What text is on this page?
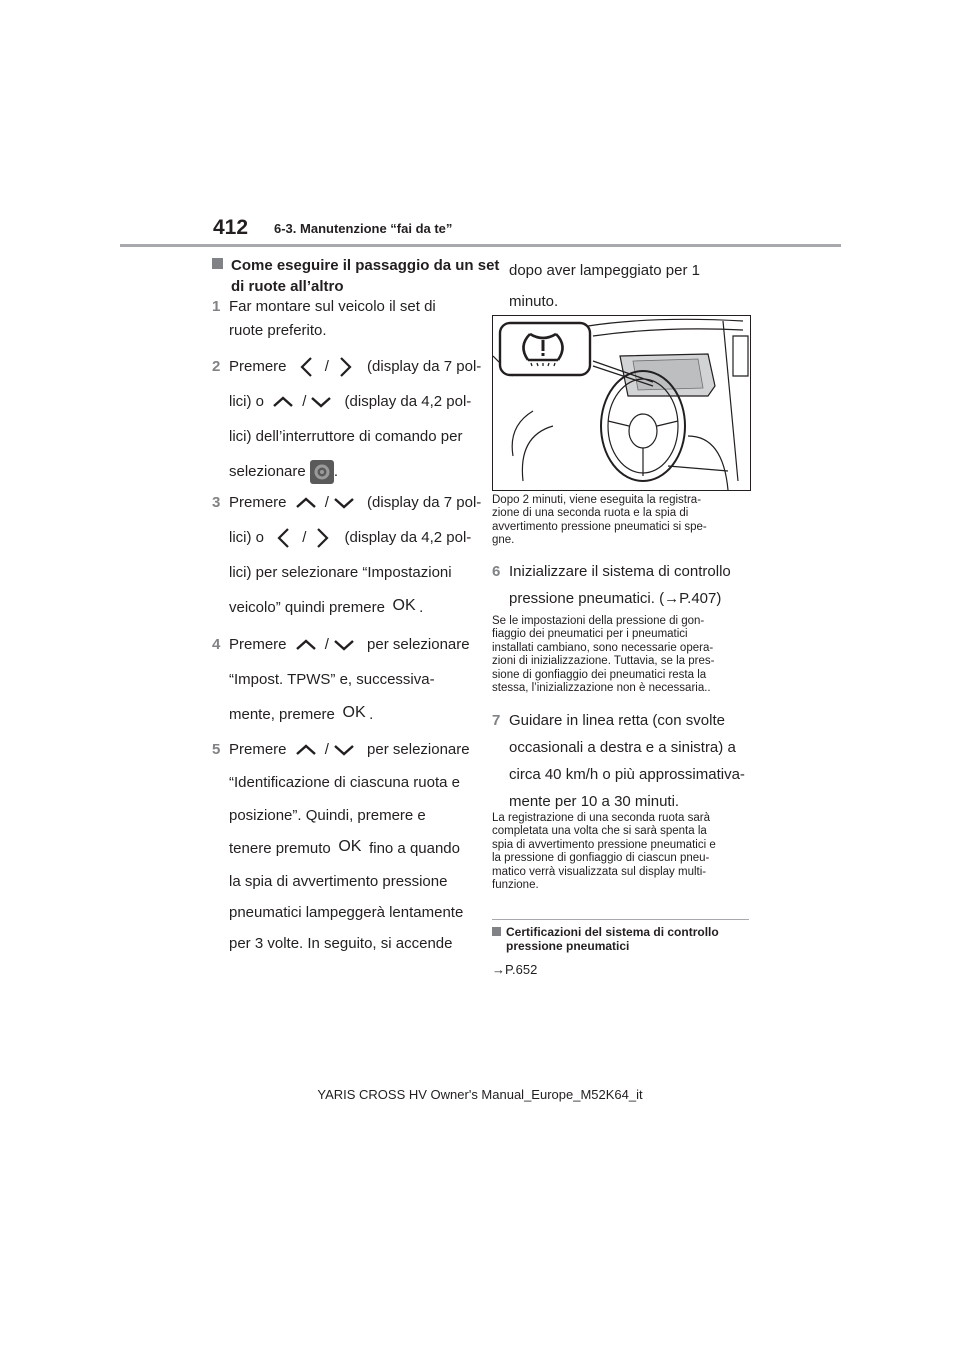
412 6-3. Manutenzione “fai da te”
Come eseguire il passaggio da un set di ruote all’altro
1 Far montare sul veicolo il set di
ruote preferito.
2 Premere	/	(display da 7 pol-
lici) o	/	(display da 4,2 pol-
lici) dell’interruttore di comando per
selezionare .
3 Premere	/	(display da 7 pol-
lici) o	/	(display da 4,2 pol-
lici) per selezionare “Impostazioni
veicolo” quindi premere OK .
4 Premere	/	per selezionare
“Impost. TPWS” e, successiva-
mente, premere OK .
5 Premere	/	per selezionare
“Identificazione di ciascuna ruota e
posizione”. Quindi, premere e
tenere premuto OK fino a quando
la spia di avvertimento pressione
pneumatici lampeggerà lentamente
per 3 volte. In seguito, si accende
dopo aver lampeggiato per 1
minuto.
Dopo 2 minuti, viene eseguita la registra-
zione di una seconda ruota e la spia di
avvertimento pressione pneumatici si spe-
gne.
6 Inizializzare il sistema di controllo
pressione pneumatici. (→P.407)
Se le impostazioni della pressione di gon-
fiaggio dei pneumatici per i pneumatici
installati cambiano, sono necessarie opera-
zioni di inizializzazione. Tuttavia, se la pres-
sione di gonfiaggio dei pneumatici resta la
stessa, l’inizializzazione non è necessaria..
7 Guidare in linea retta (con svolte
occasionali a destra e a sinistra) a
circa 40 km/h o più approssimativa-
mente per 10 a 30 minuti.
La registrazione di una seconda ruota sarà
completata una volta che si sarà spenta la
spia di avvertimento pressione pneumatici e
la pressione di gonfiaggio di ciascun pneu-
matico verrà visualizzata sul display multi-
funzione.
Certificazioni del sistema di controllo
pressione pneumatici
→P.652
YARIS CROSS HV Owner's Manual_Europe_M52K64_it
